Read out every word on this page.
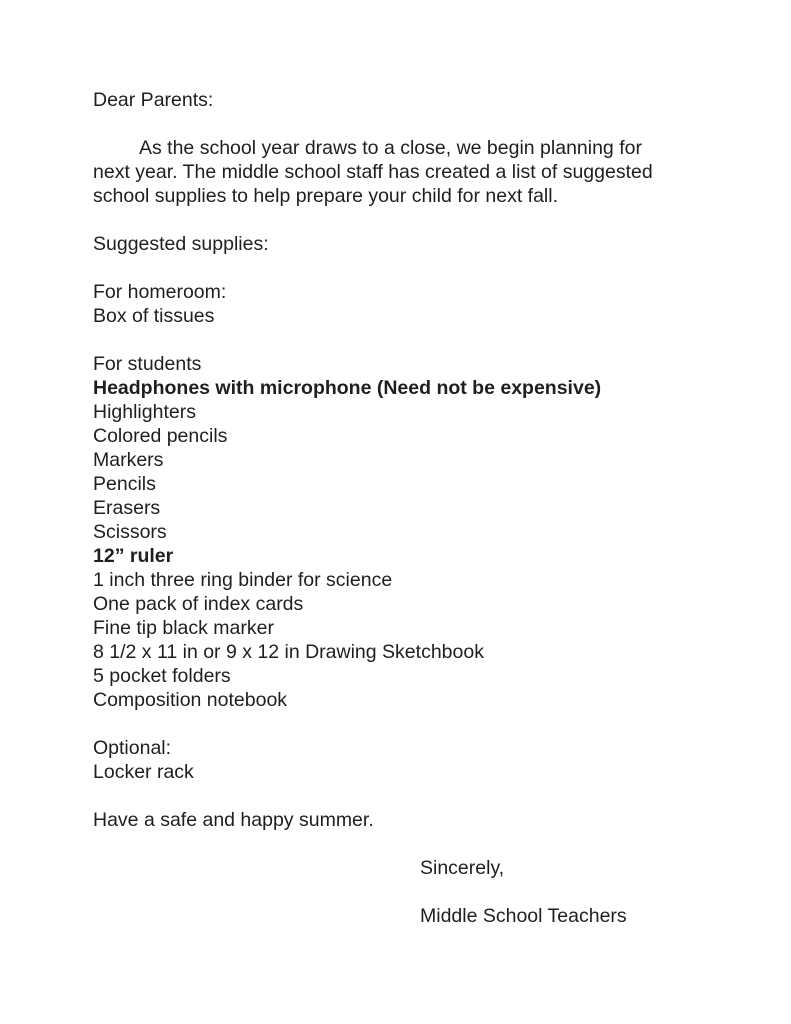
Dear Parents:
As the school year draws to a close, we begin planning for
next year. The middle school staff has created a list of suggested
school supplies to help prepare your child for next fall.
Suggested supplies:
For homeroom:
Box of tissues
For students
Headphones with microphone (Need not be expensive)
Highlighters
Colored pencils
Markers
Pencils
Erasers
Scissors
12” ruler
1 inch three ring binder for science
One pack of index cards
Fine tip black marker
8 1/2 x 11 in or 9 x 12 in Drawing Sketchbook
5 pocket folders
Composition notebook
Optional:
Locker rack
Have a safe and happy summer.
Sincerely,
Middle School Teachers
